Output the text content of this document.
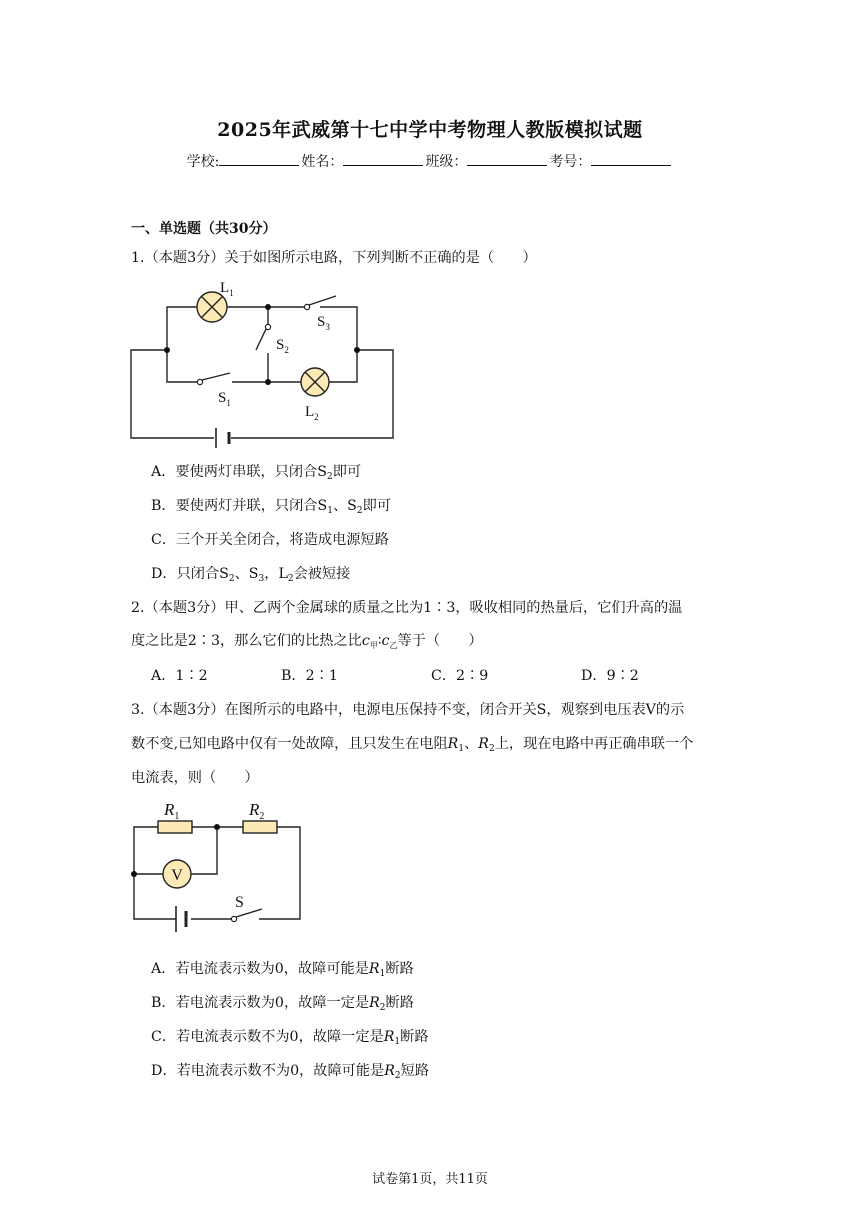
2025年武威第十七中学中考物理人教版模拟试题
学校:	姓名：	班级：	考号：
一、单选题（共30分）
1.（本题3分）关于如图所示电路，下列判断不正确的是（　　）
$L_1$
$S_3$
$S_2$
$S_1$
$L_2$
A．要使两灯串联，只闭合$S_2$即可
B．要使两灯并联，只闭合$S_1$、$S_2$即可
C．三个开关全闭合，将造成电源短路
D．只闭合$S_2$、$S_3$，$L_2$会被短接
2.（本题3分）甲、乙两个金属球的质量之比为1∶3，吸收相同的热量后，它们升高的温
度之比是2∶3，那么它们的比热之比$c_甲∶c_乙$等于（　　）
A．1∶2	B．2∶1	C．2∶9	D．9∶2
3.（本题3分）在图所示的电路中，电源电压保持不变，闭合开关S，观察到电压表V的示
数不变,已知电路中仅有一处故障，且只发生在电阻$R_1$、$R_2$上，现在电路中再正确串联一个
电流表，则（　　）
V
$R_1$	$R_2$
S
A．若电流表示数为0，故障可能是$R_1$断路
B．若电流表示数为0，故障一定是$R_2$断路
C．若电流表示数不为0，故障一定是$R_1$断路
D．若电流表示数不为0，故障可能是$R_2$短路
试卷第1页，共11页
